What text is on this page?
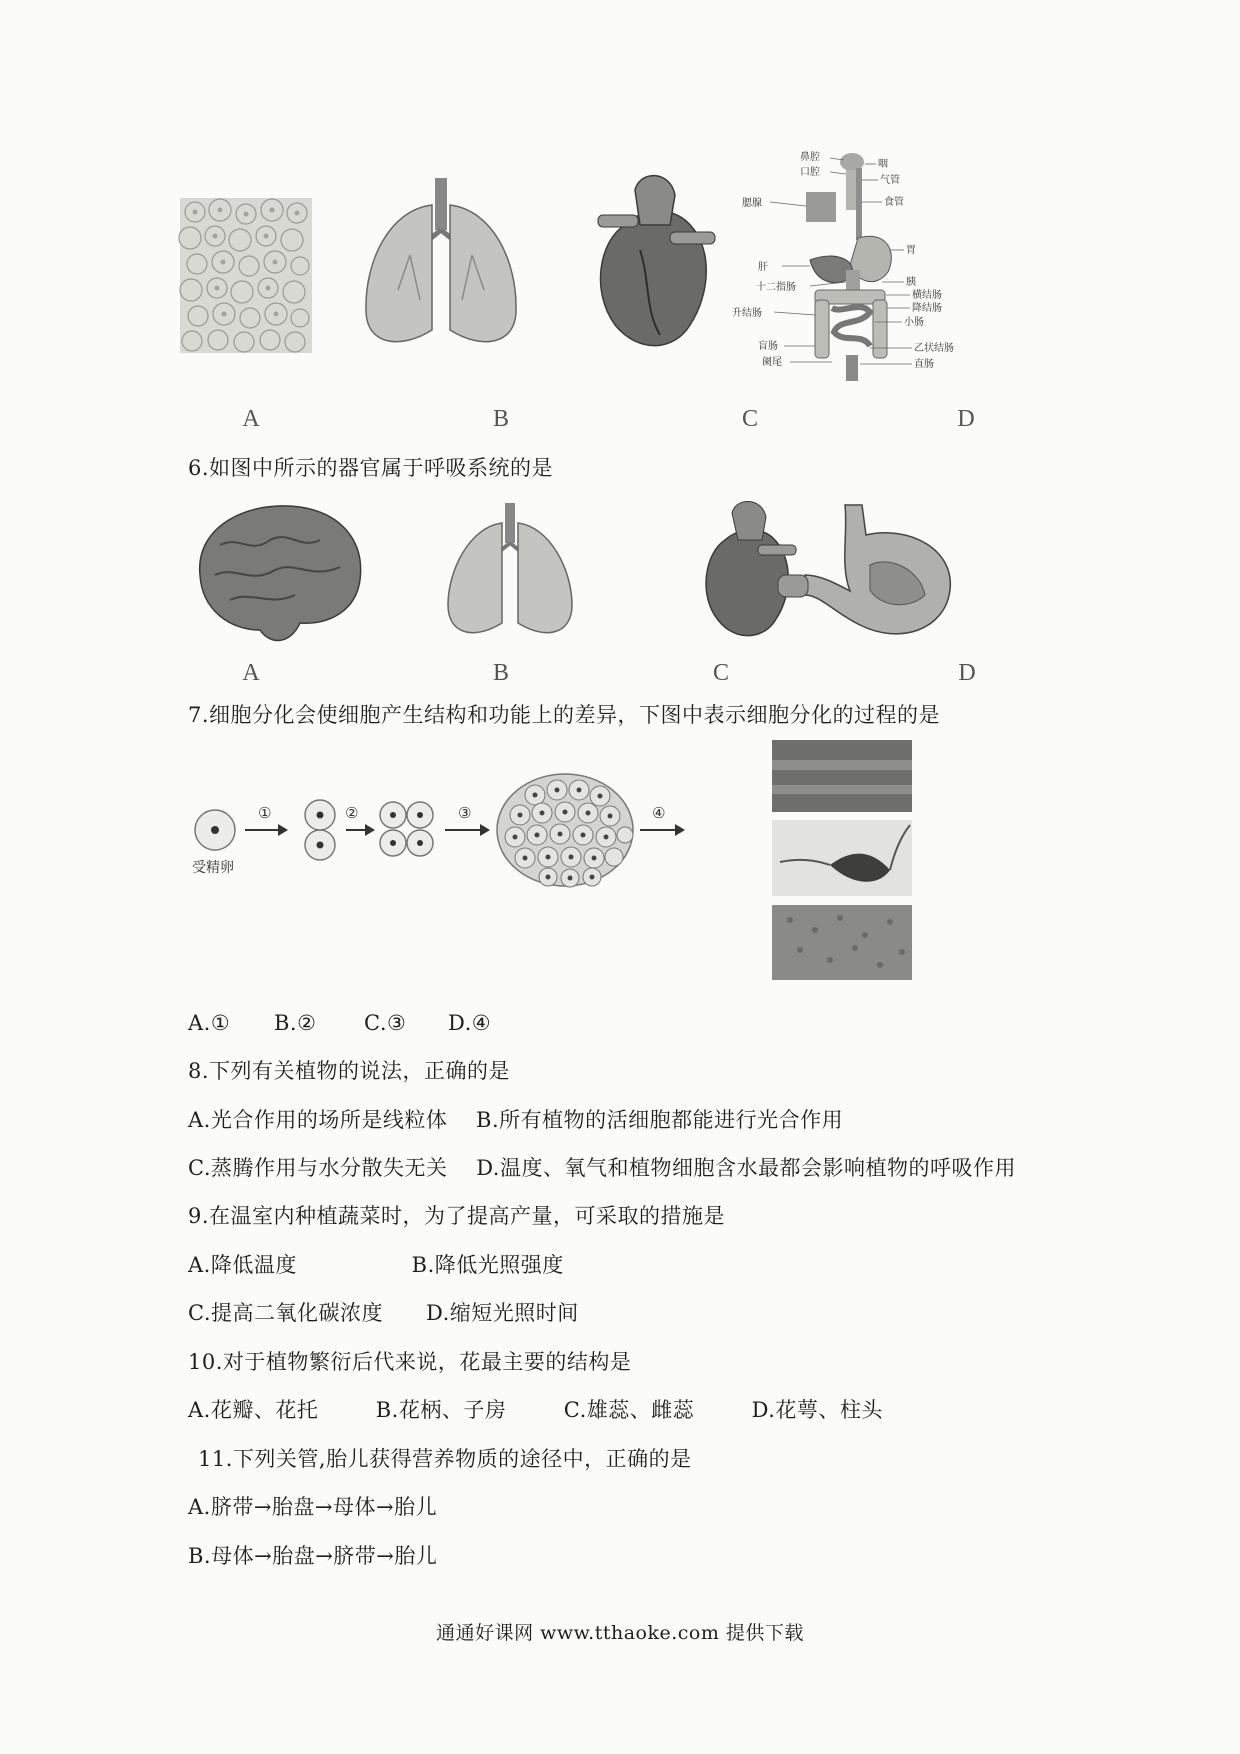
鼻腔
口腔
咽
气管
食管
腮腺
胃
肝
十二指肠	胰
横结肠
升结肠	降结肠
小肠
盲肠
阑尾
乙状结肠
直肠
A	B	C	D
6.如图中所示的器官属于呼吸系统的是
A	B	C	D
7.细胞分化会使细胞产生结构和功能上的差异，下图中表示细胞分化的过程的是
受精卵
①	②	③	④
A.① B.② C.③ D.④
8.下列有关植物的说法，正确的是
A.光合作用的场所是线粒体    B.所有植物的活细胞都能进行光合作用
C.蒸腾作用与水分散失无关    D.温度、氧气和植物细胞含水最都会影响植物的呼吸作用
9.在温室内种植蔬菜时，为了提高产量，可采取的措施是
A.降低温度                B.降低光照强度
C.提高二氧化碳浓度      D.缩短光照时间
10.对于植物繁衍后代来说，花最主要的结构是
A.花瓣、花托        B.花柄、子房        C.雄蕊、雌蕊        D.花萼、柱头
11.下列关管,胎儿获得营养物质的途径中，正确的是
A.脐带→胎盘→母体→胎儿
B.母体→胎盘→脐带→胎儿
通通好课网 www.tthaoke.com 提供下载
